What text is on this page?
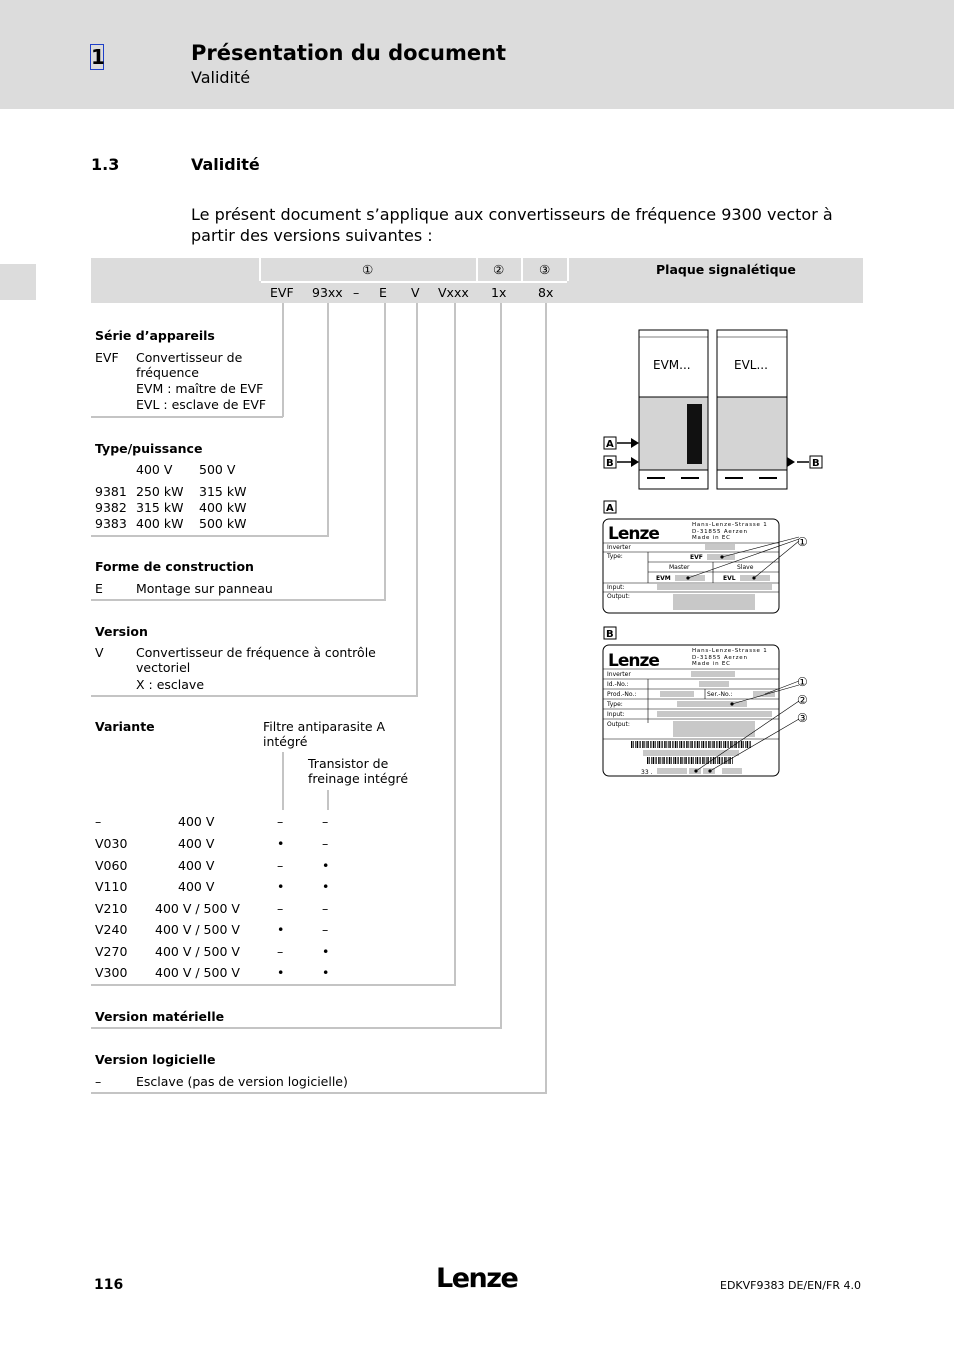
1	Présentation du document
Validité
1.3	Validité
Le présent document s’applique aux convertisseurs de fréquence 9300 vector à partir des versions suivantes :
①	②	③	Plaque signalétique
EVF 93xx – E V Vxxx 1x	8x
Série d’appareils
EVF Convertisseur de
fréquence
EVM : maître de EVF
EVL : esclave de EVF
Type/puissance
400 V 500 V
9381 250 kW 315 kW
9382 315 kW 400 kW
9383 400 kW 500 kW
Forme de construction
E	Montage sur panneau
Version
V	Convertisseur de fréquence à contrôle
vectoriel
X : esclave
Variante	Filtre antiparasite A
intégré
Transistor de
freinage intégré
–	400 V	–	–
V030	400 V	•	–
V060	400 V	–	•
V110	400 V	•	•
V210 400 V / 500 V	–	–
V240 400 V / 500 V	•	–
V270 400 V / 500 V	–	•
V300 400 V / 500 V	•	•
Version matérielle
Version logicielle
–	Esclave (pas de version logicielle)
EVM...	EVL...
A
B	B
A
Lenze	Hans-Lenze-Strasse 1
D-31855 Aerzen
Made in EC
Inverter
Type:	EVF
Master	Slave
EVM	EVL
Input:
Output:
①
B
Lenze	Hans-Lenze-Strasse 1
D-31855 Aerzen
Made in EC
Inverter
Id.-No.:
Prod.-No.:	Ser.-No.:
Type:
Input:
Output:
33 .
①
②
③
116	Lenze	EDKVF9383 DE/EN/FR 4.0
